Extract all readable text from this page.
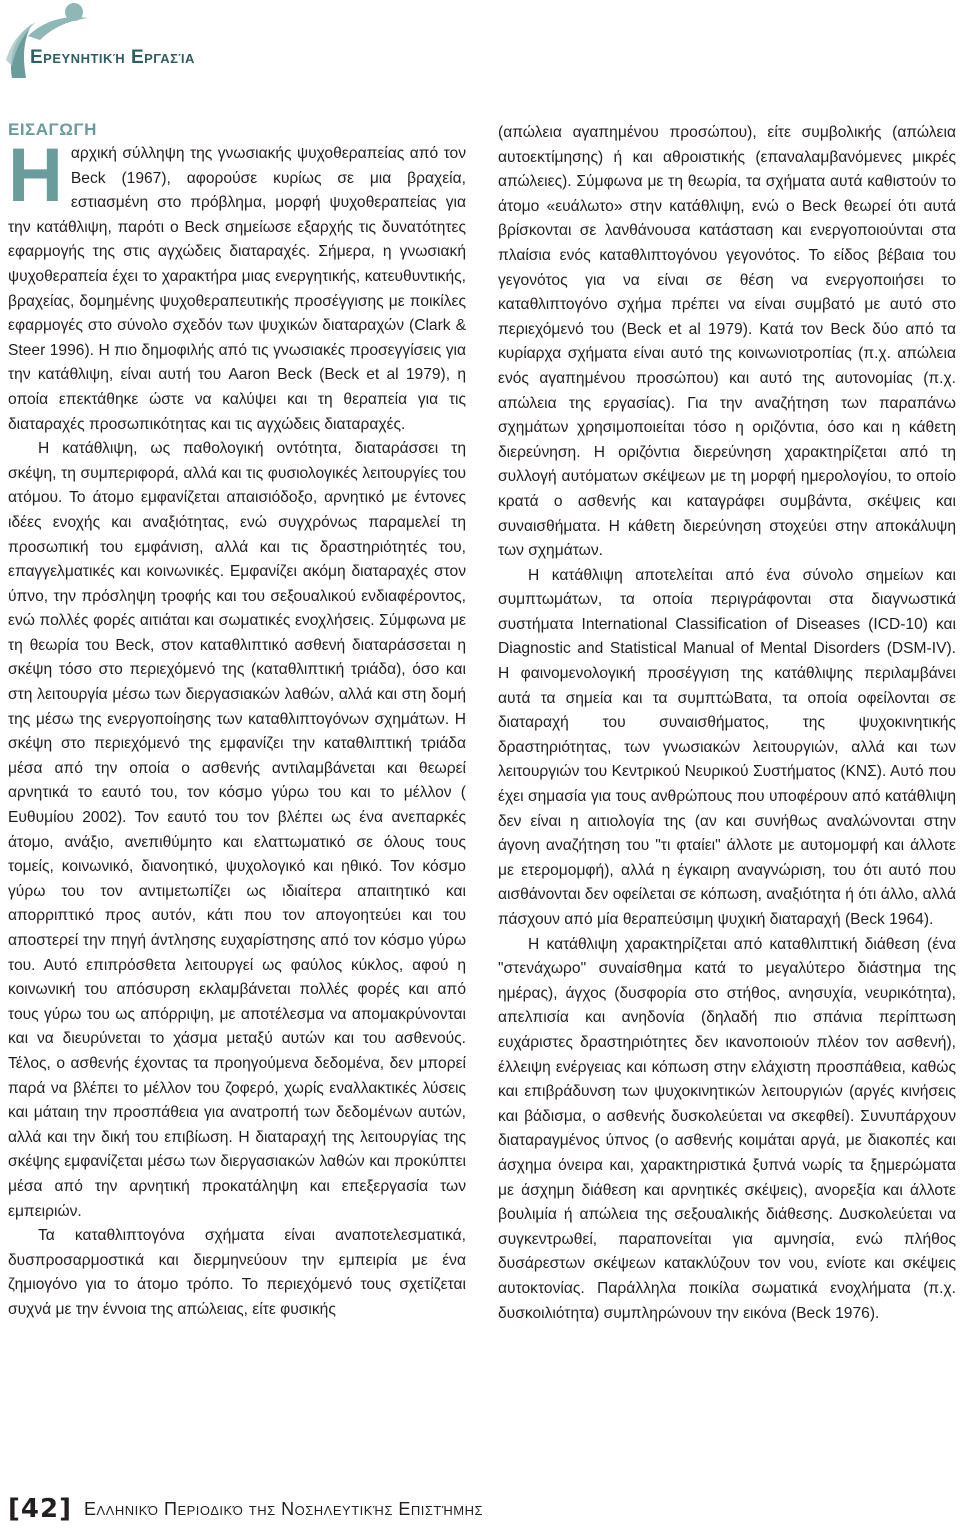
Ερευνητική Εργασία
ΕΙΣΑΓΩΓΗ

Ηαρχική σύλληψη της γνωσιακής ψυχοθεραπείας από τον Beck (1967), αφορούσε κυρίως σε μια βραχεία, εστιασμένη στο πρόβλημα, μορφή ψυχοθεραπείας για την κατάθλιψη, παρότι ο Beck σημείωσε εξαρχής τις δυνατότητες εφαρμογής της στις αγχώδεις διαταραχές. Σήμερα, η γνωσιακή ψυχοθεραπεία έχει το χαρακτήρα μιας ενεργητικής, κατευθυντικής, βραχείας, δομημένης ψυχοθεραπευτικής προσέγγισης με ποικίλες εφαρμογές στο σύνολο σχεδόν των ψυχικών διαταραχών (Clark & Steer 1996). Η πιο δημοφιλής από τις γνωσιακές προσεγγίσεις για την κατάθλιψη, είναι αυτή του Aaron Beck (Beck et al 1979), η οποία επεκτάθηκε ώστε να καλύψει και τη θεραπεία για τις διαταραχές προσωπικότητας και τις αγχώδεις διαταραχές.

Η κατάθλιψη, ως παθολογική οντότητα, διαταράσσει τη σκέψη, τη συμπεριφορά, αλλά και τις φυσιολογικές λειτουργίες του ατόμου. Το άτομο εμφανίζεται απαισιόδοξο, αρνητικό με έντονες ιδέες ενοχής και αναξιότητας, ενώ συγχρόνως παραμελεί τη προσωπική του εμφάνιση, αλλά και τις δραστηριότητές του, επαγγελματικές και κοινωνικές. Εμφανίζει ακόμη διαταραχές στον ύπνο, την πρόσληψη τροφής και του σεξουαλικού ενδιαφέροντος, ενώ πολλές φορές αιτιάται και σωματικές ενοχλήσεις. Σύμφωνα με τη θεωρία του Beck, στον καταθλιπτικό ασθενή διαταράσσεται η σκέψη τόσο στο περιεχόμενό της (καταθλιπτική τριάδα), όσο και στη λειτουργία μέσω των διεργασιακών λαθών, αλλά και στη δομή της μέσω της ενεργοποίησης των καταθλιπτογόνων σχημάτων. Η σκέψη στο περιεχόμενό της εμφανίζει την καταθλιπτική τριάδα μέσα από την οποία ο ασθενής αντιλαμβάνεται και θεωρεί αρνητικά το εαυτό του, τον κόσμο γύρω του και το μέλλον ( Ευθυμίου 2002). Τον εαυτό του τον βλέπει ως ένα ανεπαρκές άτομο, ανάξιο, ανεπιθύμητο και ελαττωματικό σε όλους τους τομείς, κοινωνικό, διανοητικό, ψυχολογικό και ηθικό. Τον κόσμο γύρω του τον αντιμετωπίζει ως ιδιαίτερα απαιτητικό και απορριπτικό προς αυτόν, κάτι που τον απογοητεύει και του αποστερεί την πηγή άντλησης ευχαρίστησης από τον κόσμο γύρω του. Αυτό επιπρόσθετα λειτουργεί ως φαύλος κύκλος, αφού η κοινωνική του απόσυρση εκλαμβάνεται πολλές φορές και από τους γύρω του ως απόρριψη, με αποτέλεσμα να απομακρύνονται και να διευρύνεται το χάσμα μεταξύ αυτών και του ασθενούς. Τέλος, ο ασθενής έχοντας τα προηγούμενα δεδομένα, δεν μπορεί παρά να βλέπει το μέλλον του ζοφερό, χωρίς εναλλακτικές λύσεις και μάταιη την προσπάθεια για ανατροπή των δεδομένων αυτών, αλλά και την δική του επιβίωση. Η διαταραχή της λειτουργίας της σκέψης εμφανίζεται μέσω των διεργασιακών λαθών και προκύπτει μέσα από την αρνητική προκατάληψη και επεξεργασία των εμπειριών.

Τα καταθλιπτογόνα σχήματα είναι αναποτελεσματικά, δυσπροσαρμοστικά και διερμηνεύουν την εμπειρία με ένα ζημιογόνο για το άτομο τρόπο. Το περιεχόμενό τους σχετίζεται συχνά με την έννοια της απώλειας, είτε φυσικής

(απώλεια αγαπημένου προσώπου), είτε συμβολικής (απώλεια αυτοεκτίμησης) ή και αθροιστικής (επαναλαμβανόμενες μικρές απώλειες). Σύμφωνα με τη θεωρία, τα σχήματα αυτά καθιστούν το άτομο «ευάλωτο» στην κατάθλιψη, ενώ ο Beck θεωρεί ότι αυτά βρίσκονται σε λανθάνουσα κατάσταση και ενεργοποιούνται στα πλαίσια ενός καταθλιπτογόνου γεγονότος. Το είδος βέβαια του γεγονότος για να είναι σε θέση να ενεργοποιήσει το καταθλιπτογόνο σχήμα πρέπει να είναι συμβατό με αυτό στο περιεχόμενό του (Beck et al 1979). Κατά τον Beck δύο από τα κυρίαρχα σχήματα είναι αυτό της κοινωνιοτροπίας (π.χ. απώλεια ενός αγαπημένου προσώπου) και αυτό της αυτονομίας (π.χ. απώλεια της εργασίας). Για την αναζήτηση των παραπάνω σχημάτων χρησιμοποιείται τόσο η οριζόντια, όσο και η κάθετη διερεύνηση. Η οριζόντια διερεύνηση χαρακτηρίζεται από τη συλλογή αυτόματων σκέψεων με τη μορφή ημερολογίου, το οποίο κρατά ο ασθενής και καταγράφει συμβάντα, σκέψεις και συναισθήματα. Η κάθετη διερεύνηση στοχεύει στην αποκάλυψη των σχημάτων.

Η κατάθλιψη αποτελείται από ένα σύνολο σημείων και συμπτωμάτων, τα οποία περιγράφονται στα διαγνωστικά συστήματα International Classification of Diseases (ICD-10) και Diagnostic and Statistical Manual of Mental Disorders (DSM-IV). Η φαινομενολογική προσέγγιση της κατάθλιψης περιλαμβάνει αυτά τα σημεία και τα συμπτώΒατα, τα οποία οφείλονται σε διαταραχή του συναισθήματος, της ψυχοκινητικής δραστηριότητας, των γνωσιακών λειτουργιών, αλλά και των λειτουργιών του Κεντρικού Νευρικού Συστήματος (ΚΝΣ). Αυτό που έχει σημασία για τους ανθρώπους που υποφέρουν από κατάθλιψη δεν είναι η αιτιολογία της (αν και συνήθως αναλώνονται στην άγονη αναζήτηση του "τι φταίει" άλλοτε με αυτομομφή και άλλοτε με ετερομομφή), αλλά η έγκαιρη αναγνώριση, του ότι αυτό που αισθάνονται δεν οφείλεται σε κόπωση, αναξιότητα ή ότι άλλο, αλλά πάσχουν από μία θεραπεύσιμη ψυχική διαταραχή (Beck 1964).

Η κατάθλιψη χαρακτηρίζεται από καταθλιπτική διάθεση (ένα "στενάχωρο" συναίσθημα κατά το μεγαλύτερο διάστημα της ημέρας), άγχος (δυσφορία στο στήθος, ανησυχία, νευρικότητα), απελπισία και ανηδονία (δηλαδή πιο σπάνια περίπτωση ευχάριστες δραστηριότητες δεν ικανοποιούν πλέον τον ασθενή), έλλειψη ενέργειας και κόπωση στην ελάχιστη προσπάθεια, καθώς και επιβράδυνση των ψυχοκινητικών λειτουργιών (αργές κινήσεις και βάδισμα, ο ασθενής δυσκολεύεται να σκεφθεί). Συνυπάρχουν διαταραγμένος ύπνος (ο ασθενής κοιμάται αργά, με διακοπές και άσχημα όνειρα και, χαρακτηριστικά ξυπνά νωρίς τα ξημερώματα με άσχημη διάθεση και αρνητικές σκέψεις), ανορεξία και άλλοτε βουλιμία ή απώλεια της σεξουαλικής διάθεσης. Δυσκολεύεται να συγκεντρωθεί, παραπονείται για αμνησία, ενώ πλήθος δυσάρεστων σκέψεων κατακλύζουν τον νου, ενίοτε και σκέψεις αυτοκτονίας. Παράλληλα ποικίλα σωματικά ενοχλήματα (π.χ. δυσκοιλιότητα) συμπληρώνουν την εικόνα (Beck 1976).

[42] Ελληνικό Περιοδικό της Νοσηλευτικής Επιστήμης
